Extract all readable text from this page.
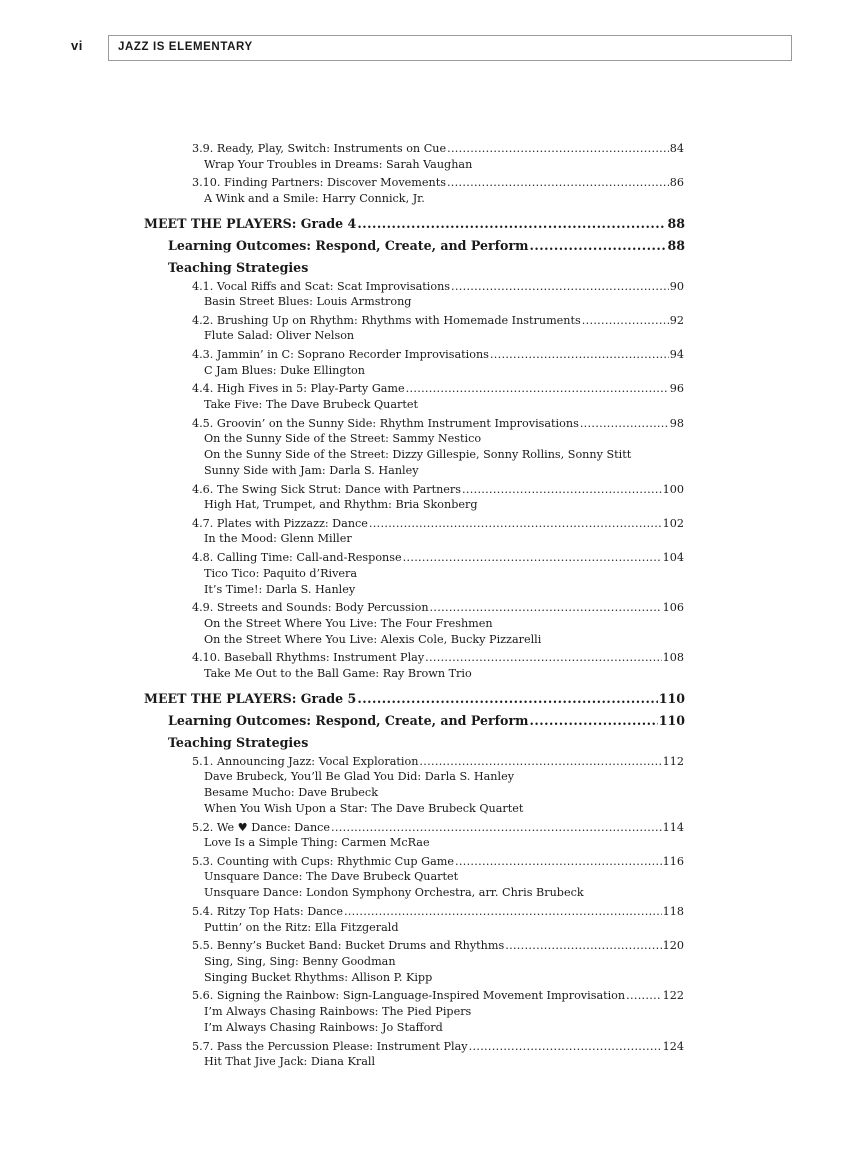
vi	JAZZ IS ELEMENTARY
3.9. Ready, Play, Switch: Instruments on Cue .....	84
Wrap Your Troubles in Dreams: Sarah Vaughan
3.10. Finding Partners: Discover Movements .....	86
A Wink and a Smile: Harry Connick, Jr.
MEET THE PLAYERS: Grade 4 .....	88
Learning Outcomes: Respond, Create, and Perform .....	88
Teaching Strategies
4.1. Vocal Riffs and Scat: Scat Improvisations .....	90
Basin Street Blues: Louis Armstrong
4.2. Brushing Up on Rhythm: Rhythms with Homemade Instruments .....	92
Flute Salad: Oliver Nelson
4.3. Jammin’ in C: Soprano Recorder Improvisations .....	94
C Jam Blues: Duke Ellington
4.4. High Fives in 5: Play-Party Game .....	96
Take Five: The Dave Brubeck Quartet
4.5. Groovin’ on the Sunny Side: Rhythm Instrument Improvisations .....	98
On the Sunny Side of the Street: Sammy Nestico
On the Sunny Side of the Street: Dizzy Gillespie, Sonny Rollins, Sonny Stitt
Sunny Side with Jam: Darla S. Hanley
4.6. The Swing Sick Strut: Dance with Partners .....	100
High Hat, Trumpet, and Rhythm: Bria Skonberg
4.7. Plates with Pizzazz: Dance .....	102
In the Mood: Glenn Miller
4.8. Calling Time: Call-and-Response .....	104
Tico Tico: Paquito d’Rivera
It’s Time!: Darla S. Hanley
4.9. Streets and Sounds: Body Percussion .....	106
On the Street Where You Live: The Four Freshmen
On the Street Where You Live: Alexis Cole, Bucky Pizzarelli
4.10. Baseball Rhythms: Instrument Play .....	108
Take Me Out to the Ball Game: Ray Brown Trio
MEET THE PLAYERS: Grade 5 .....	110
Learning Outcomes: Respond, Create, and Perform .....	110
Teaching Strategies
5.1. Announcing Jazz: Vocal Exploration .....	112
Dave Brubeck, You’ll Be Glad You Did: Darla S. Hanley
Besame Mucho: Dave Brubeck
When You Wish Upon a Star: The Dave Brubeck Quartet
5.2. We ♥ Dance: Dance .....	114
Love Is a Simple Thing: Carmen McRae
5.3. Counting with Cups: Rhythmic Cup Game .....	116
Unsquare Dance: The Dave Brubeck Quartet
Unsquare Dance: London Symphony Orchestra, arr. Chris Brubeck
5.4. Ritzy Top Hats: Dance .....	118
Puttin’ on the Ritz: Ella Fitzgerald
5.5. Benny’s Bucket Band: Bucket Drums and Rhythms .....	120
Sing, Sing, Sing: Benny Goodman
Singing Bucket Rhythms: Allison P. Kipp
5.6. Signing the Rainbow: Sign-Language-Inspired Movement Improvisation .....	122
I’m Always Chasing Rainbows: The Pied Pipers
I’m Always Chasing Rainbows: Jo Stafford
5.7. Pass the Percussion Please: Instrument Play .....	124
Hit That Jive Jack: Diana Krall
